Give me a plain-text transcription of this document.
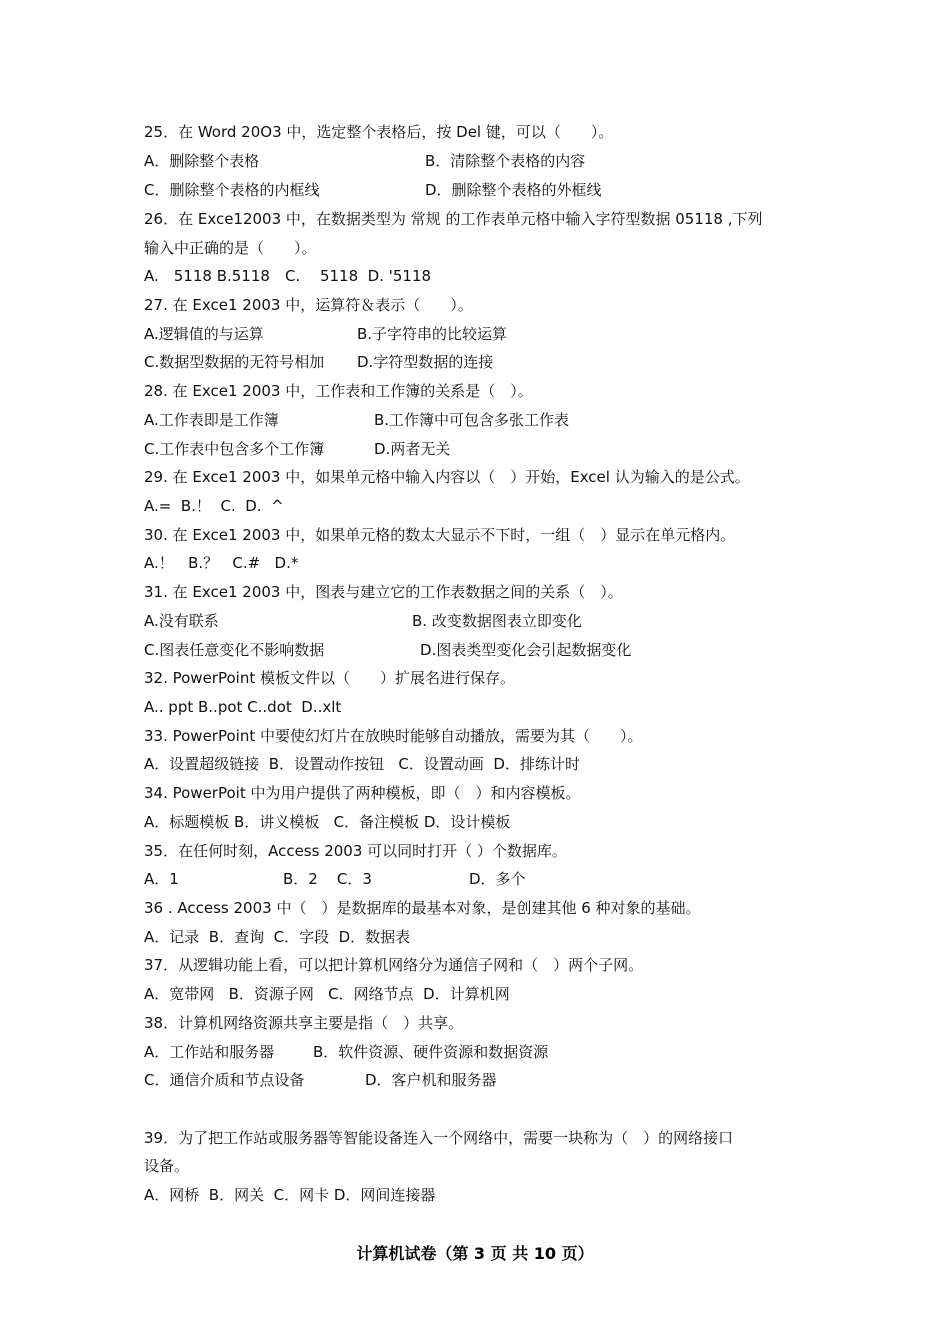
25．在 Word 20O3 中，选定整个表格后，按 Del 键，可以（　　）。
A．删除整个表格	B．清除整个表格的内容
C．删除整个表格的内框线	D．删除整个表格的外框线
26．在 Exce12003 中，在数据类型为 常规 的工作表单元格中输入字符型数据 05118 ,下列
输入中正确的是（　　）。
A.　5118 B.5118　C.　 5118  D. '5118
27. 在 Exce1 2003 中，运算符＆表示（　　）。
A.逻辑值的与运算	B.子字符串的比较运算
C.数据型数据的无符号相加 D.字符型数据的连接
28. 在 Exce1 2003 中，工作表和工作簿的关系是（　）。
A.工作表即是工作簿	B.工作簿中可包含多张工作表
C.工作表中包含多个工作簿	D.两者无关
29. 在 Exce1 2003 中，如果单元格中输入内容以（　）开始，Excel 认为输入的是公式。
A.=  B.！  C.  D.  ^
30. 在 Exce1 2003 中，如果单元格的数太大显示不下时，一组（　）显示在单元格内。
A.！   B.？   C.#   D.*
31. 在 Exce1 2003 中，图表与建立它的工作表数据之间的关系（　）。
A.没有联系	B. 改变数据图表立即变化
C.图表任意变化不影响数据	D.图表类型变化会引起数据变化
32. PowerPoint 模板文件以（　　）扩展名进行保存。
A.. ppt B..pot C..dot  D..xlt
33. PowerPoint 中要使幻灯片在放映时能够自动播放，需要为其（　　）。
A．设置超级链接  B．设置动作按钮   C．设置动画  D．排练计时
34. PowerPoit 中为用户提供了两种模板，即（　）和内容模板。
A．标题模板 B．讲义模板   C．备注模板 D．设计模板
35．在任何时刻，Access 2003 可以同时打开（ ）个数据库。
A．1	B．2    C．3	D．多个
36 . Access 2003 中（　）是数据库的最基本对象，是创建其他 6 种对象的基础。
A．记录  B．查询  C．字段  D．数据表
37．从逻辑功能上看，可以把计算机网络分为通信子网和（　）两个子网。
A．宽带网   B．资源子网   C．网络节点  D．计算机网
38．计算机网络资源共享主要是指（　）共享。
A．工作站和服务器	B．软件资源、硬件资源和数据资源
C．通信介质和节点设备	D．客户机和服务器
39．为了把工作站或服务器等智能设备连入一个网络中，需要一块称为（　）的网络接口
设备。
A．网桥  B．网关  C．网卡 D．网间连接器
计算机试卷（第 3 页 共 10 页）
